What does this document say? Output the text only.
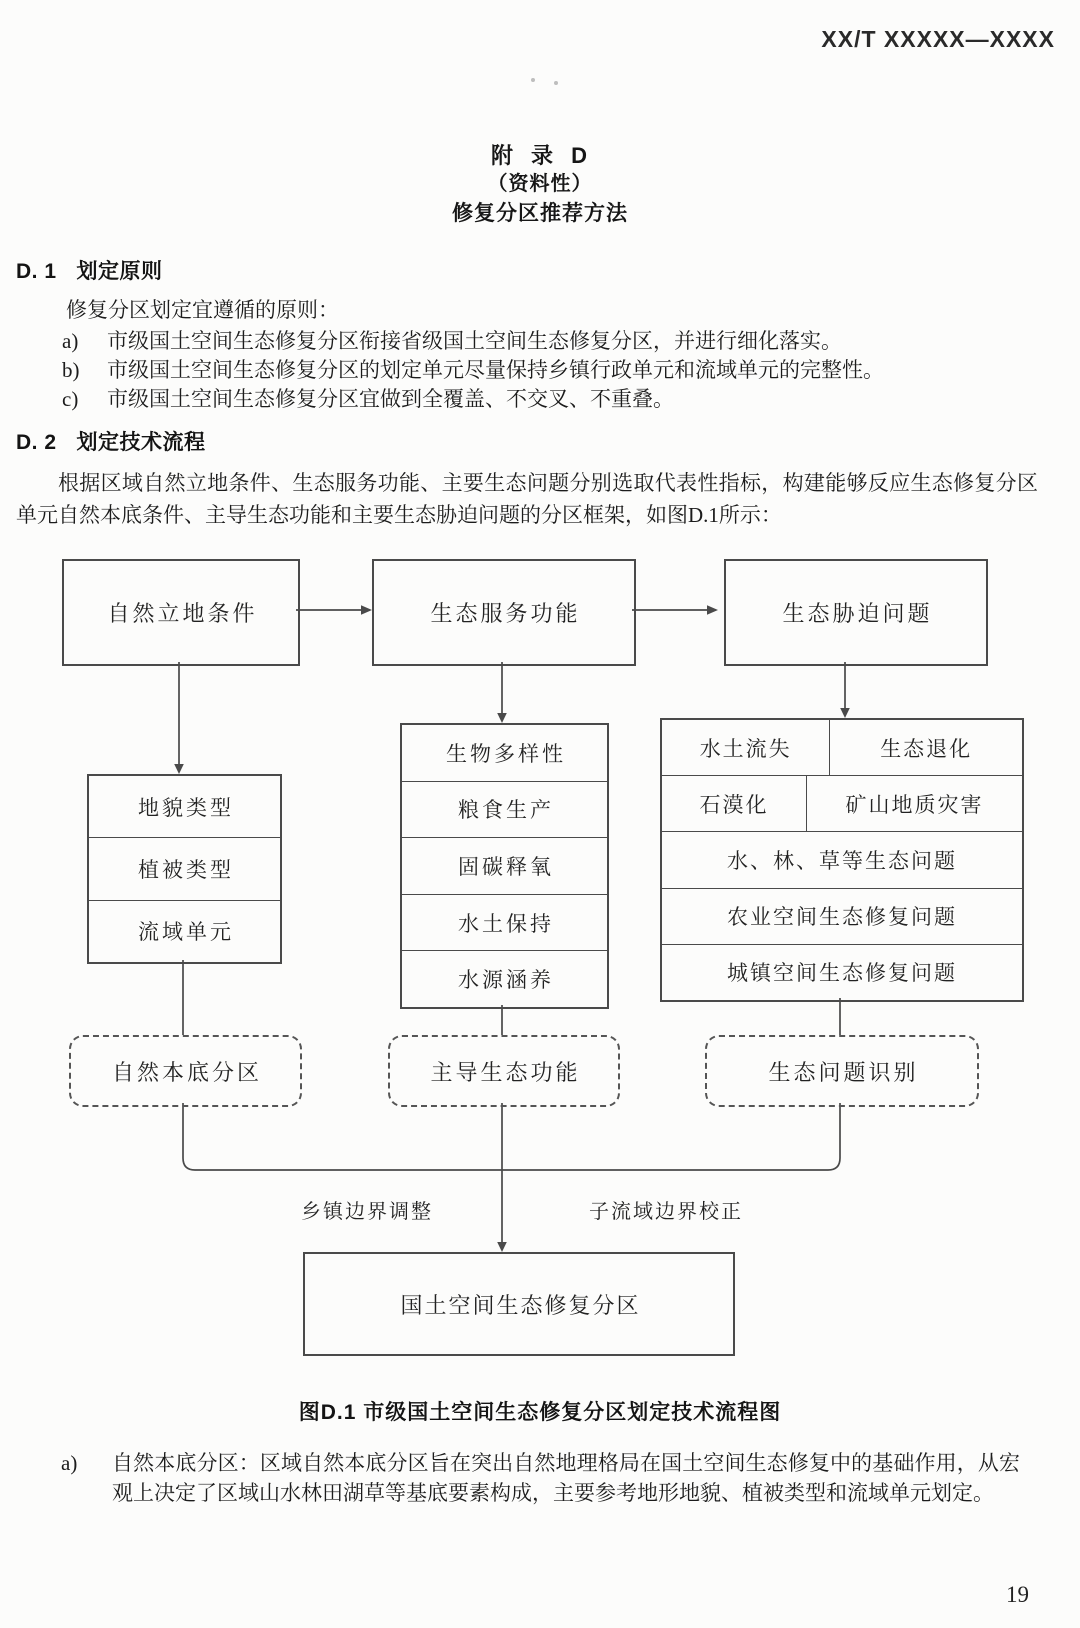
XX/T XXXXX—XXXX
附 录 D
（资料性）
修复分区推荐方法
D. 1 划定原则
修复分区划定宜遵循的原则：
a) 市级国土空间生态修复分区衔接省级国土空间生态修复分区，并进行细化落实。
b) 市级国土空间生态修复分区的划定单元尽量保持乡镇行政单元和流域单元的完整性。
c) 市级国土空间生态修复分区宜做到全覆盖、不交叉、不重叠。
D. 2 划定技术流程
根据区域自然立地条件、生态服务功能、主要生态问题分别选取代表性指标，构建能够反应生态修复分区单元自然本底条件、主导生态功能和主要生态胁迫问题的分区框架，如图D.1所示：
自然立地条件	生态服务功能	生态胁迫问题
地貌类型
植被类型
流域单元
生物多样性
粮食生产
固碳释氧
水土保持
水源涵养
水土流失	生态退化
石漠化	矿山地质灾害
水、林、草等生态问题
农业空间生态修复问题
城镇空间生态修复问题
自然本底分区	主导生态功能	生态问题识别
乡镇边界调整	子流域边界校正
国土空间生态修复分区
图D.1 市级国土空间生态修复分区划定技术流程图
a)	自然本底分区：区域自然本底分区旨在突出自然地理格局在国土空间生态修复中的基础作用，从宏观上决定了区域山水林田湖草等基底要素构成，主要参考地形地貌、植被类型和流域单元划定。
19
